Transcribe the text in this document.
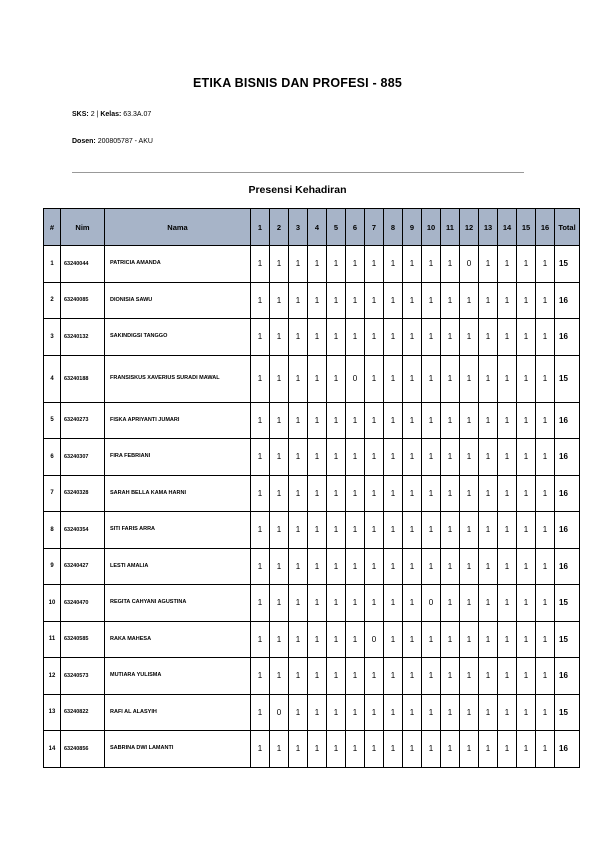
ETIKA BISNIS DAN PROFESI - 885
SKS: 2 | Kelas: 63.3A.07
Dosen: 200805787 - AKU
Presensi Kehadiran
#	Nim	Nama	1	2	3	4	5	6	7	8	9	10	11	12	13	14	15	16	Total
1	63240044	PATRICIA AMANDA	1	1	1	1	1	1	1	1	1	1	1	0	1	1	1	1	15
2	63240085	DIONISIA SAWU	1	1	1	1	1	1	1	1	1	1	1	1	1	1	1	1	16
3	63240132	SAKINDIGSI TANGGO	1	1	1	1	1	1	1	1	1	1	1	1	1	1	1	1	16
4	63240188	FRANSISKUS XAVERIUS SURADI MAWAL	1	1	1	1	1	0	1	1	1	1	1	1	1	1	1	1	15
5	63240273	FISKA APRIYANTI JUMARI	1	1	1	1	1	1	1	1	1	1	1	1	1	1	1	1	16
6	63240307	FIRA FEBRIANI	1	1	1	1	1	1	1	1	1	1	1	1	1	1	1	1	16
7	63240328	SARAH BELLA KAMA HARNI	1	1	1	1	1	1	1	1	1	1	1	1	1	1	1	1	16
8	63240354	SITI FARIS ARRA	1	1	1	1	1	1	1	1	1	1	1	1	1	1	1	1	16
9	63240427	LESTI AMALIA	1	1	1	1	1	1	1	1	1	1	1	1	1	1	1	1	16
10	63240470	REGITA CAHYANI AGUSTINA	1	1	1	1	1	1	1	1	1	0	1	1	1	1	1	1	15
11	63240585	RAKA MAHESA	1	1	1	1	1	1	0	1	1	1	1	1	1	1	1	1	15
12	63240573	MUTIARA YULISMA	1	1	1	1	1	1	1	1	1	1	1	1	1	1	1	1	16
13	63240822	RAFI AL ALASYIH	1	0	1	1	1	1	1	1	1	1	1	1	1	1	1	1	15
14	63240856	SABRINA DWI LAMANTI	1	1	1	1	1	1	1	1	1	1	1	1	1	1	1	1	16
